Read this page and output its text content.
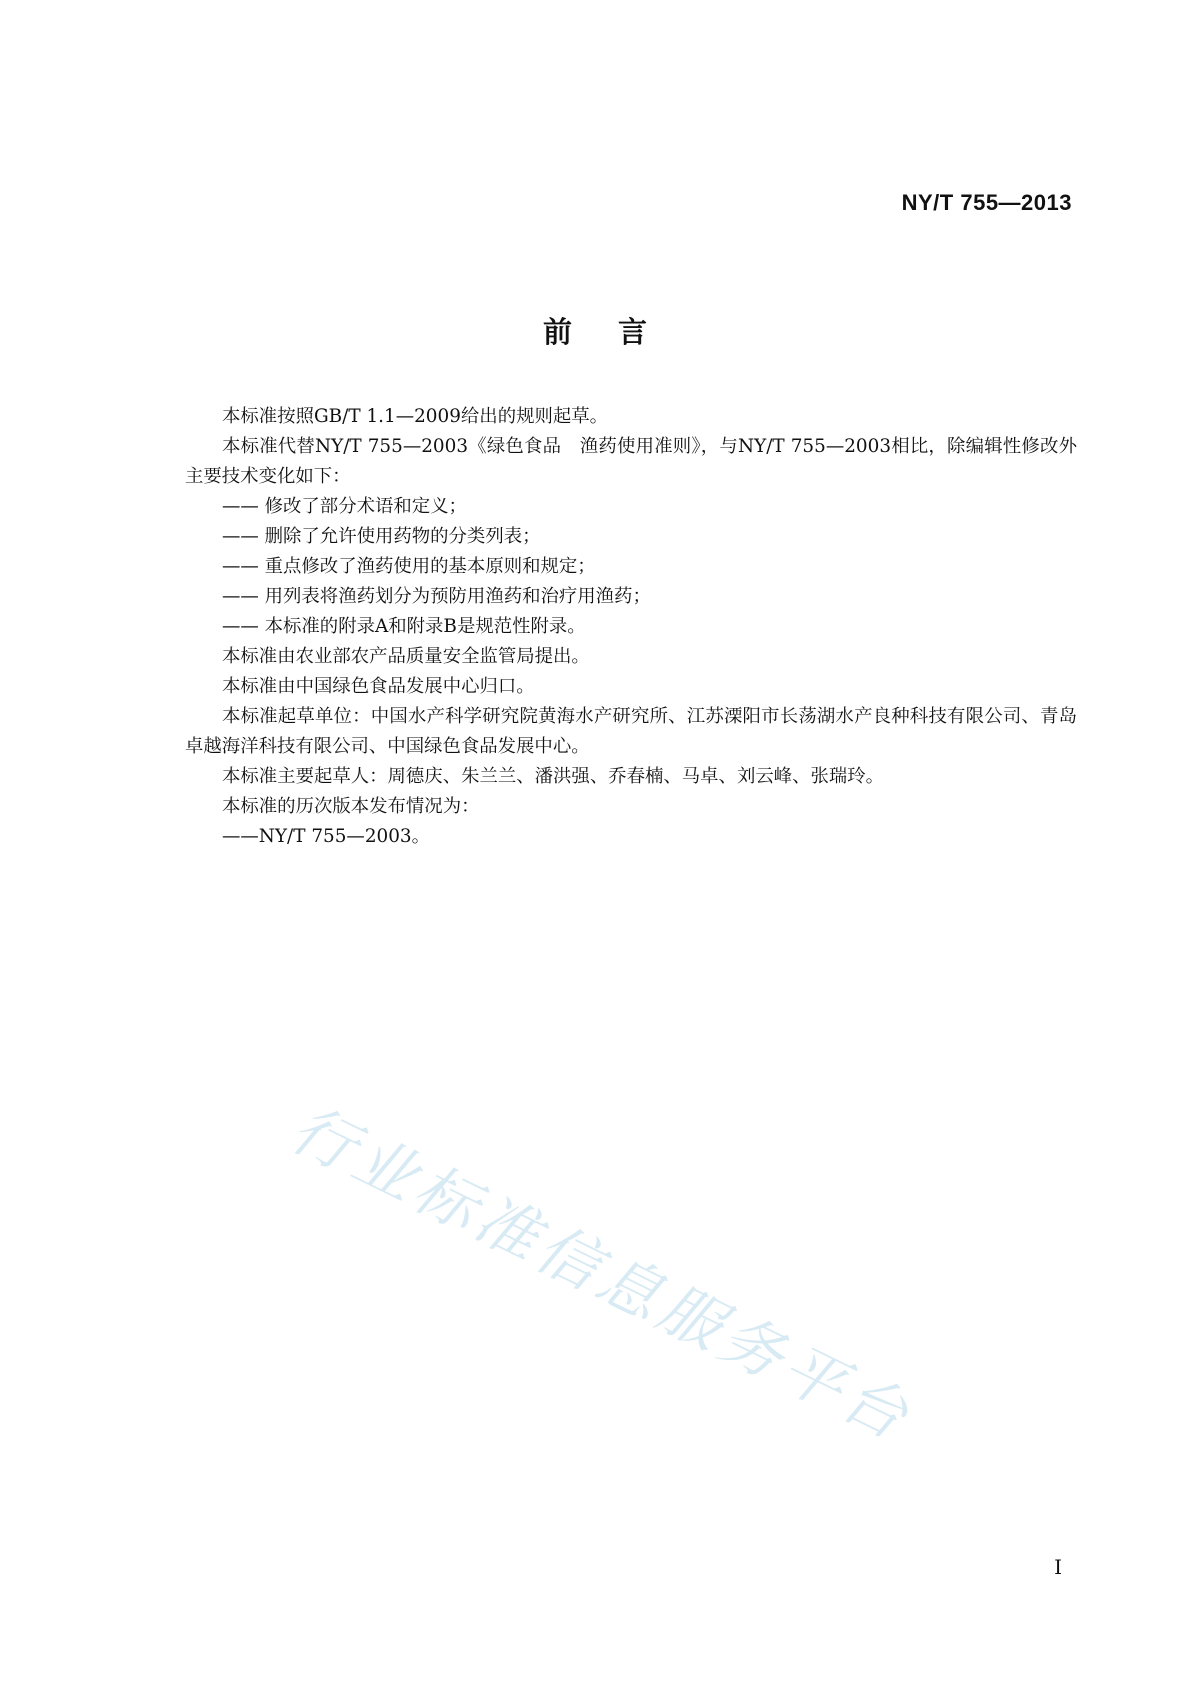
NY/T 755—2013
前 言

本标准按照GB/T 1.1—2009给出的规则起草。

本标准代替NY/T 755—2003《绿色食品　渔药使用准则》，与NY/T 755—2003相比，除编辑性修改外主要技术变化如下：

—— 修改了部分术语和定义；

—— 删除了允许使用药物的分类列表；

—— 重点修改了渔药使用的基本原则和规定；

—— 用列表将渔药划分为预防用渔药和治疗用渔药；

—— 本标准的附录A和附录B是规范性附录。

本标准由农业部农产品质量安全监管局提出。

本标准由中国绿色食品发展中心归口。

本标准起草单位：中国水产科学研究院黄海水产研究所、江苏溧阳市长荡湖水产良种科技有限公司、青岛卓越海洋科技有限公司、中国绿色食品发展中心。

本标准主要起草人：周德庆、朱兰兰、潘洪强、乔春楠、马卓、刘云峰、张瑞玲。

本标准的历次版本发布情况为：

——NY/T 755—2003。

行业标准信息服务平台
I
